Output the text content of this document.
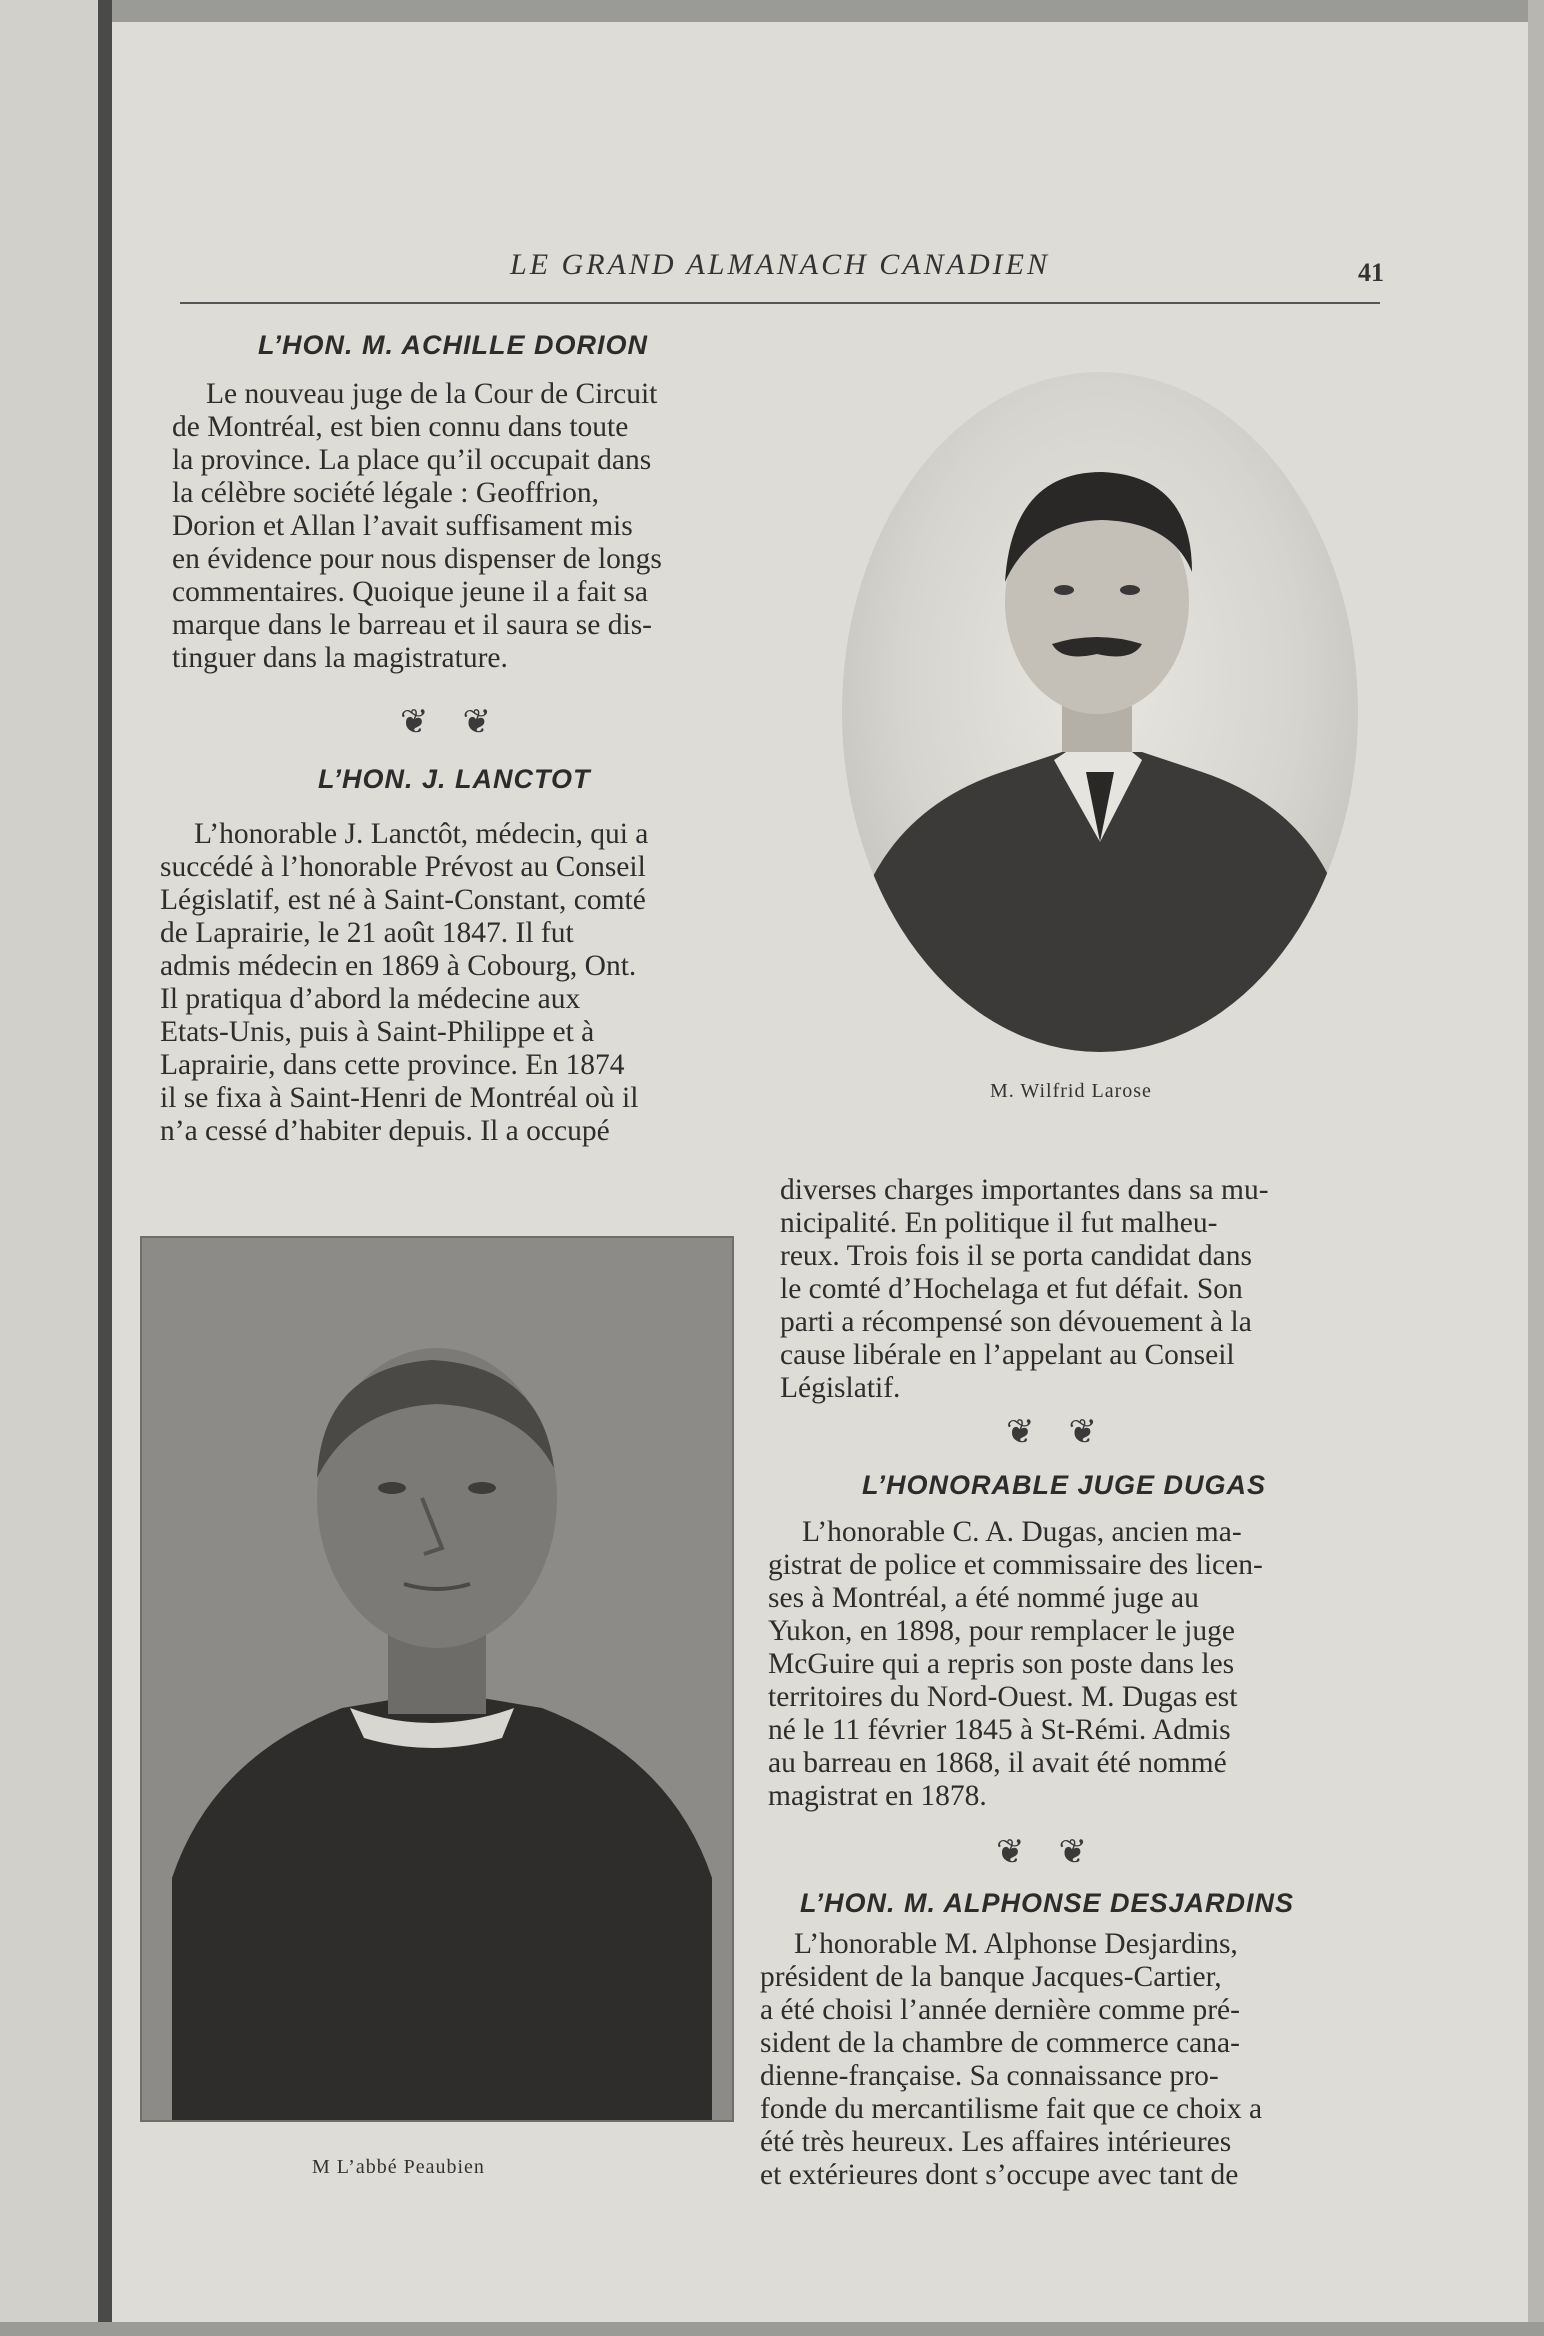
LE GRAND ALMANACH CANADIEN	41
L’HON. M. ACHILLE DORION
Le nouveau juge de la Cour de Circuit
de Montréal, est bien connu dans toute
la province. La place qu’il occupait dans
la célèbre société légale : Geoffrion,
Dorion et Allan l’avait suffisament mis
en évidence pour nous dispenser de longs
commentaires. Quoique jeune il a fait sa
marque dans le barreau et il saura se dis-
tinguer dans la magistrature.
❦❦
L’HON. J. LANCTOT
L’honorable J. Lanctôt, médecin, qui a
succédé à l’honorable Prévost au Conseil
Législatif, est né à Saint-Constant, comté
de Laprairie, le 21 août 1847. Il fut
admis médecin en 1869 à Cobourg, Ont.
Il pratiqua d’abord la médecine aux
Etats-Unis, puis à Saint-Philippe et à
Laprairie, dans cette province. En 1874
il se fixa à Saint-Henri de Montréal où il
n’a cessé d’habiter depuis. Il a occupé
M. Wilfrid Larose
diverses charges importantes dans sa mu-
nicipalité. En politique il fut malheu-
reux. Trois fois il se porta candidat dans
le comté d’Hochelaga et fut défait. Son
parti a récompensé son dévouement à la
cause libérale en l’appelant au Conseil
Législatif.
❦❦
L’HONORABLE JUGE DUGAS
L’honorable C. A. Dugas, ancien ma-
gistrat de police et commissaire des licen-
ses à Montréal, a été nommé juge au
Yukon, en 1898, pour remplacer le juge
McGuire qui a repris son poste dans les
territoires du Nord-Ouest. M. Dugas est
né le 11 février 1845 à St-Rémi. Admis
au barreau en 1868, il avait été nommé
magistrat en 1878.
❦❦
L’HON. M. ALPHONSE DESJARDINS
L’honorable M. Alphonse Desjardins,
président de la banque Jacques-Cartier,
a été choisi l’année dernière comme pré-
sident de la chambre de commerce cana-
dienne-française. Sa connaissance pro-
fonde du mercantilisme fait que ce choix a
été très heureux. Les affaires intérieures
et extérieures dont s’occupe avec tant de
M L’abbé Peaubien
